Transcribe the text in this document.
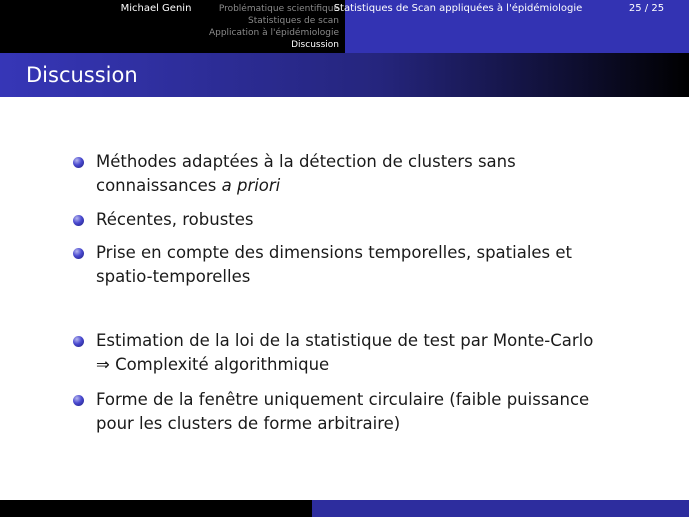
Problématique scientifique
Statistiques de scan
Application à l'épidémiologie
Discussion
Discussion
Méthodes adaptées à la détection de clusters sans
connaissances a priori
Récentes, robustes
Prise en compte des dimensions temporelles, spatiales et
spatio-temporelles
Estimation de la loi de la statistique de test par Monte-Carlo
⇒ Complexité algorithmique
Forme de la fenêtre uniquement circulaire (faible puissance
pour les clusters de forme arbitraire)
Michael Genin	Statistiques de Scan appliquées à l'épidémiologie	25 / 25
